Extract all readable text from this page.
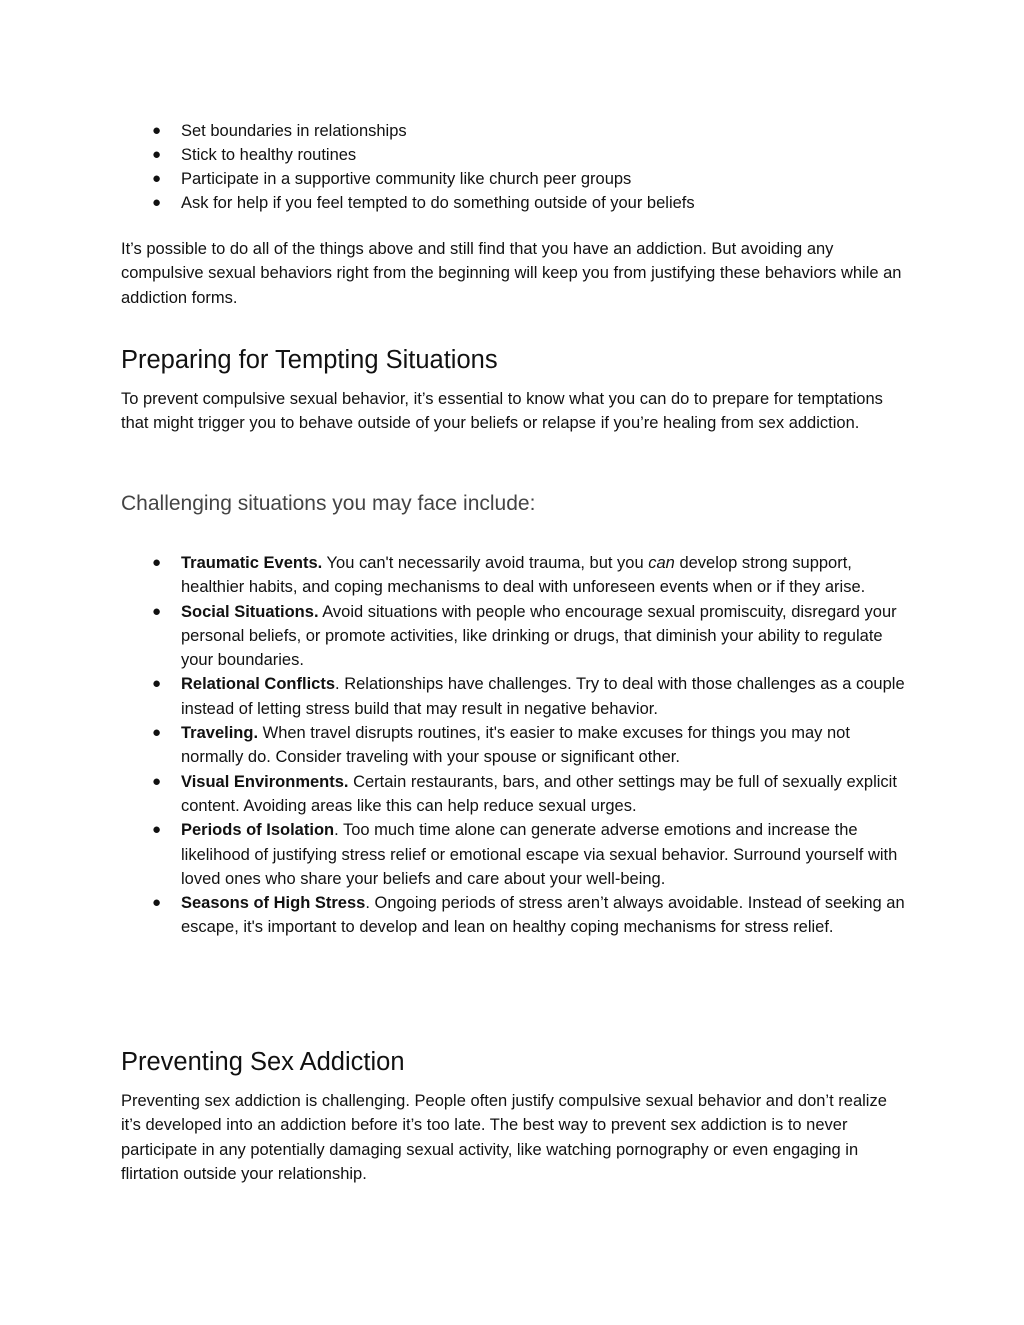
● Set boundaries in relationships
● Stick to healthy routines
● Participate in a supportive community like church peer groups
● Ask for help if you feel tempted to do something outside of your beliefs

It’s possible to do all of the things above and still find that you have an addiction. But avoiding any compulsive sexual behaviors right from the beginning will keep you from justifying these behaviors while an addiction forms.

Preparing for Tempting Situations

To prevent compulsive sexual behavior, it’s essential to know what you can do to prepare for temptations that might trigger you to behave outside of your beliefs or relapse if you’re healing from sex addiction.

Challenging situations you may face include:
● Traumatic Events. You can't necessarily avoid trauma, but you can develop strong support, healthier habits, and coping mechanisms to deal with unforeseen events when or if they arise.
● Social Situations. Avoid situations with people who encourage sexual promiscuity, disregard your personal beliefs, or promote activities, like drinking or drugs, that diminish your ability to regulate your boundaries.
● Relational Conflicts. Relationships have challenges. Try to deal with those challenges as a couple instead of letting stress build that may result in negative behavior.
● Traveling. When travel disrupts routines, it's easier to make excuses for things you may not normally do. Consider traveling with your spouse or significant other.
● Visual Environments. Certain restaurants, bars, and other settings may be full of sexually explicit content. Avoiding areas like this can help reduce sexual urges.
● Periods of Isolation. Too much time alone can generate adverse emotions and increase the likelihood of justifying stress relief or emotional escape via sexual behavior. Surround yourself with loved ones who share your beliefs and care about your well-being.
● Seasons of High Stress. Ongoing periods of stress aren’t always avoidable. Instead of seeking an escape, it's important to develop and lean on healthy coping mechanisms for stress relief.
Preventing Sex Addiction

Preventing sex addiction is challenging. People often justify compulsive sexual behavior and don’t realize it’s developed into an addiction before it’s too late. The best way to prevent sex addiction is to never participate in any potentially damaging sexual activity, like watching pornography or even engaging in flirtation outside your relationship.
